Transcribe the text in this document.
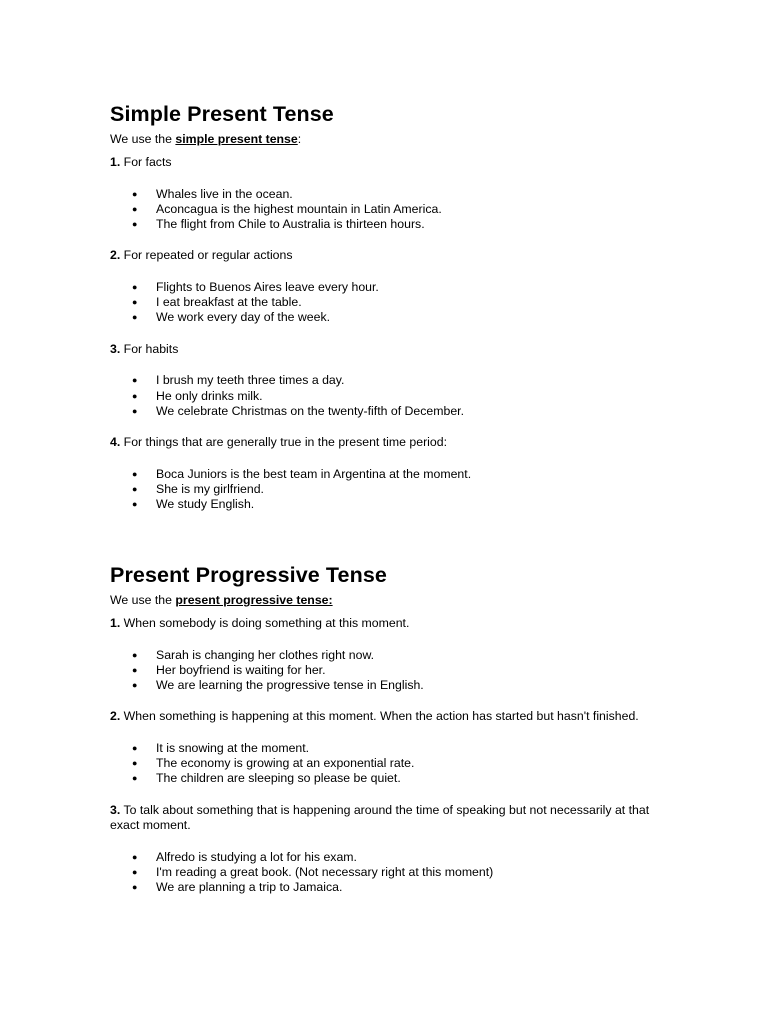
Simple Present Tense

We use the simple present tense:

1. For facts

● Whales live in the ocean.
● Aconcagua is the highest mountain in Latin America.
● The flight from Chile to Australia is thirteen hours.

2. For repeated or regular actions

● Flights to Buenos Aires leave every hour.
● I eat breakfast at the table.
● We work every day of the week.

3. For habits

● I brush my teeth three times a day.
● He only drinks milk.
● We celebrate Christmas on the twenty-fifth of December.

4. For things that are generally true in the present time period:

● Boca Juniors is the best team in Argentina at the moment.
● She is my girlfriend.
● We study English.
Present Progressive Tense

We use the present progressive tense:

1. When somebody is doing something at this moment.

● Sarah is changing her clothes right now.
● Her boyfriend is waiting for her.
● We are learning the progressive tense in English.

2. When something is happening at this moment. When the action has started but hasn't finished.

● It is snowing at the moment.
● The economy is growing at an exponential rate.
● The children are sleeping so please be quiet.

3. To talk about something that is happening around the time of speaking but not necessarily at that exact moment.

● Alfredo is studying a lot for his exam.
● I'm reading a great book. (Not necessary right at this moment)
● We are planning a trip to Jamaica.
